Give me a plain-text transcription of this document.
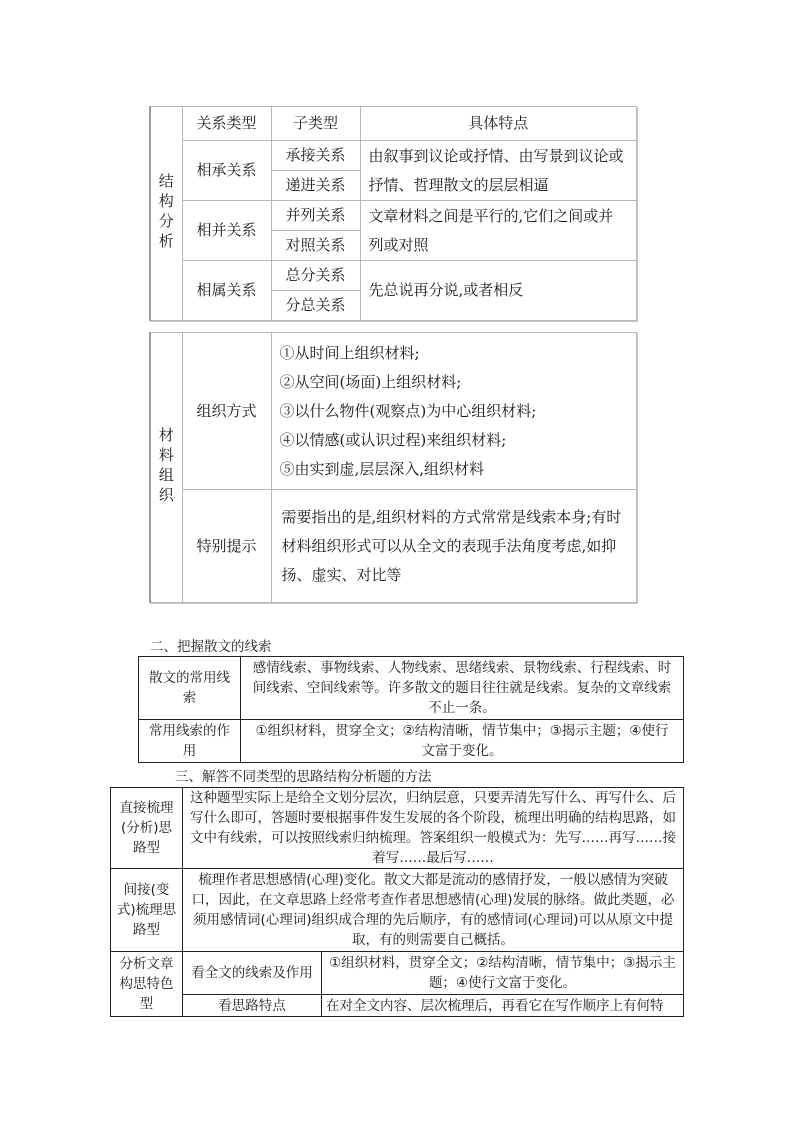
结构分析	关系类型	子类型	具体特点
	相承关系	承接关系	由叙事到议论或抒情、由写景到议论或抒情、哲理散文的层层相逼
		递进关系	
	相并关系	并列关系	文章材料之间是平行的,它们之间或并列或对照
		对照关系	
	相属关系	总分关系	先总说再分说,或者相反
		分总关系	
材料组织	组织方式	①从时间上组织材料;
②从空间(场面)上组织材料;
③以什么物件(观察点)为中心组织材料;
④以情感(或认识过程)来组织材料;
⑤由实到虚,层层深入,组织材料

	特别提示	需要指出的是,组织材料的方式常常是线索本身;有时材料组织形式可以从全文的表现手法角度考虑,如抑扬、虚实、对比等
二、把握散文的线索
散文的常用线索	感情线索、事物线索、人物线索、思绪线索、景物线索、行程线索、时间线索、空间线索等。许多散文的题目往往就是线索。复杂的文章线索不止一条。
常用线索的作用	①组织材料，贯穿全文；②结构清晰，情节集中；③揭示主题；④使行文富于变化。
三、解答不同类型的思路结构分析题的方法
直接梳理(分析)思路型	这种题型实际上是给全文划分层次，归纳层意，只要弄清先写什么、再写什么、后写什么即可，答题时要根据事件发生发展的各个阶段，梳理出明确的结构思路，如文中有线索，可以按照线索归纳梳理。答案组织一般模式为：先写……再写……接着写……最后写……	
间接(变式)梳理思路型	梳理作者思想感情(心理)变化。散文大都是流动的感情抒发，一般以感情为突破口，因此，在文章思路上经常考查作者思想感情(心理)发展的脉络。做此类题，必须用感情词(心理词)组织成合理的先后顺序，有的感情词(心理词)可以从原文中提取，有的则需要自己概括。	
分析文章构思特色型	看全文的线索及作用	①组织材料，贯穿全文；②结构清晰，情节集中；③揭示主题；④使行文富于变化。
	看思路特点	在对全文内容、层次梳理后，再看它在写作顺序上有何特
